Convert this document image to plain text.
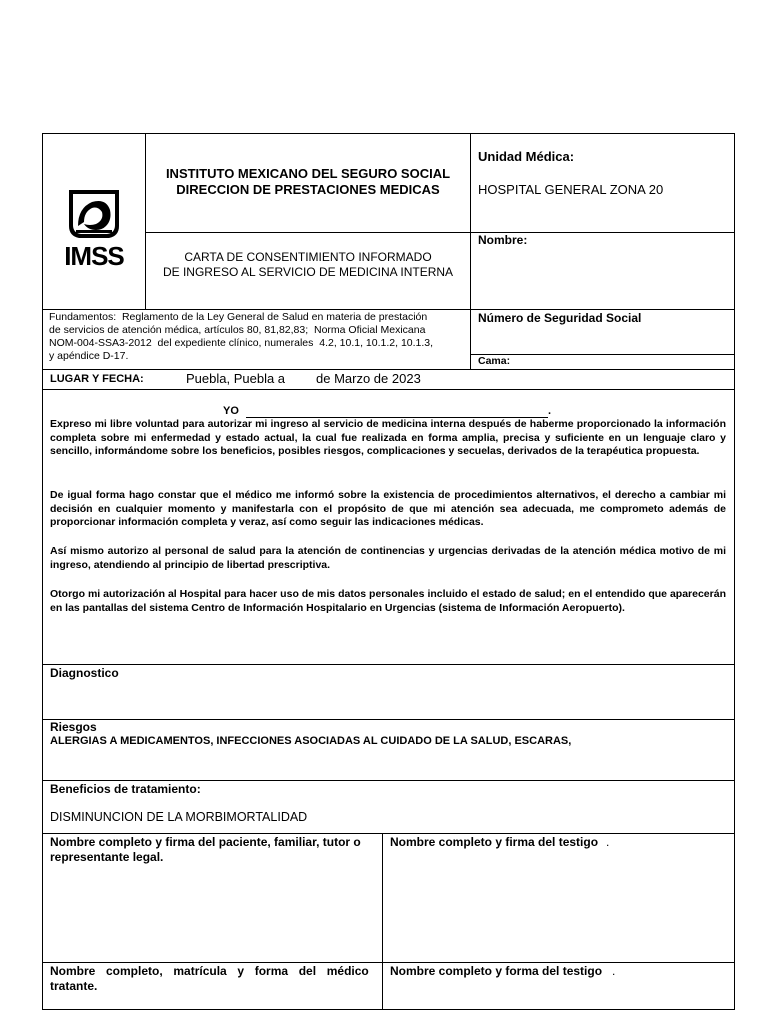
IMSS
INSTITUTO MEXICANO DEL SEGURO SOCIAL
DIRECCION DE PRESTACIONES MEDICAS
Unidad Médica:
HOSPITAL GENERAL ZONA 20
CARTA DE CONSENTIMIENTO INFORMADO
DE INGRESO AL SERVICIO DE MEDICINA INTERNA
Nombre:
Fundamentos:  Reglamento de la Ley General de Salud en materia de prestación
de servicios de atención médica, artículos 80, 81,82,83;  Norma Oficial Mexicana
NOM-004-SSA3-2012  del expediente clínico, numerales  4.2, 10.1, 10.1.2, 10.1.3,
y apéndice D-17.
Número de Seguridad Social
Cama:
LUGAR Y FECHA:	Puebla, Puebla a de Marzo de 2023
YO	.
Expreso mi libre voluntad para autorizar mi ingreso al servicio de medicina interna después de haberme proporcionado la información completa sobre mi enfermedad y estado actual, la cual fue realizada en forma amplia, precisa y suficiente en un lenguaje claro y sencillo, informándome sobre los beneficios, posibles riesgos, complicaciones y secuelas, derivados de la terapéutica propuesta.
De igual forma hago constar que el médico me informó sobre la existencia de procedimientos alternativos, el derecho a cambiar mi decisión en cualquier momento y manifestarla con el propósito de que mi atención sea adecuada, me comprometo además de proporcionar información completa y veraz, así como seguir las indicaciones médicas.
Así mismo autorizo al personal de salud para la atención de continencias y urgencias derivadas de la atención médica motivo de mi ingreso, atendiendo al principio de libertad prescriptiva.
Otorgo mi autorización al Hospital para hacer uso de mis datos personales incluido el estado de salud; en el entendido que aparecerán en las pantallas del sistema Centro de Información Hospitalario en Urgencias (sistema de Información Aeropuerto).
Diagnostico
Riesgos
ALERGIAS A MEDICAMENTOS, INFECCIONES ASOCIADAS AL CUIDADO DE LA SALUD, ESCARAS,
Beneficios de tratamiento:
DISMINUNCION DE LA MORBIMORTALIDAD
Nombre completo y firma del paciente, familiar, tutor o
representante legal.
Nombre completo y firma del testigo .
Nombre  completo,  matrícula  y  forma  del  médico
tratante.
Nombre completo y forma del testigo .
